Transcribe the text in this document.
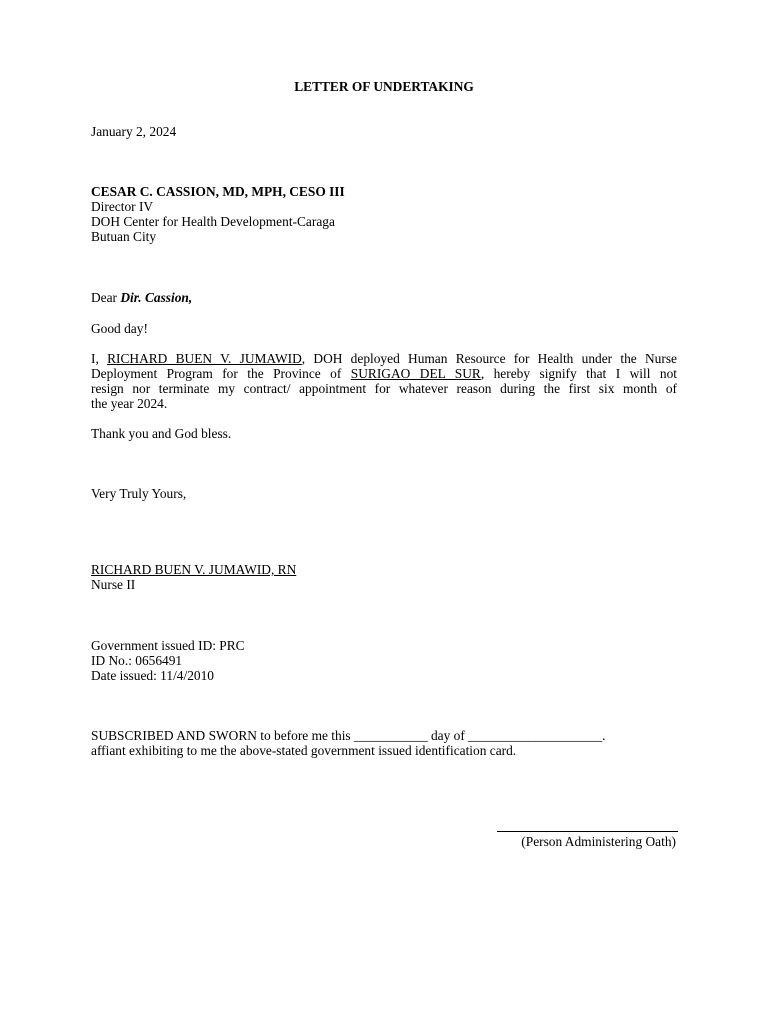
LETTER OF UNDERTAKING
January 2, 2024
CESAR C. CASSION, MD, MPH, CESO III
Director IV
DOH Center for Health Development-Caraga
Butuan City
Dear Dir. Cassion,
Good day!
I, RICHARD BUEN V. JUMAWID, DOH deployed Human Resource for Health under the Nurse
Deployment Program for the Province of SURIGAO DEL SUR, hereby signify that I will not
resign nor terminate my contract/ appointment for whatever reason during the first six month of
the year 2024.
Thank you and God bless.
Very Truly Yours,
RICHARD BUEN V. JUMAWID, RN
Nurse II
Government issued ID: PRC
ID No.: 0656491
Date issued: 11/4/2010
SUBSCRIBED AND SWORN to before me this ___________ day of ____________________.
affiant exhibiting to me the above-stated government issued identification card.
(Person Administering Oath)
